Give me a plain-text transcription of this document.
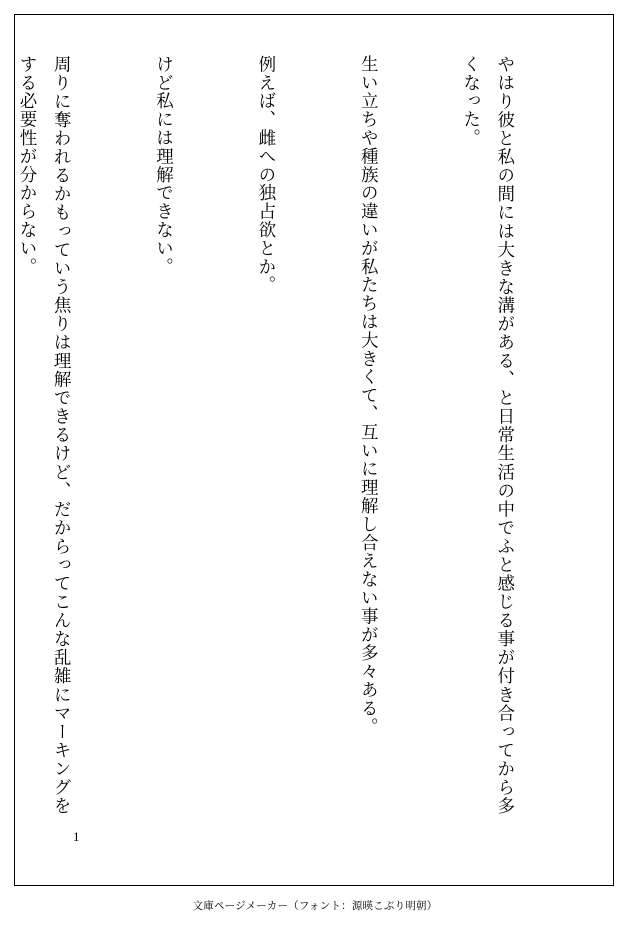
やはり彼と私の間には大きな溝がある、と日常生活の中でふと感じる事が付き合ってから多くなった。

生い立ちや種族の違いが私たちは大きくて、互いに理解し合えない事が多々ある。

例えば、雌への独占欲とか。

けど私には理解できない。

周りに奪われるかもっていう焦りは理解できるけど、だからってこんな乱雑にマーキングをする必要性が分からない。

1
文庫ページメーカー（フォント：源暎こぶり明朝）
